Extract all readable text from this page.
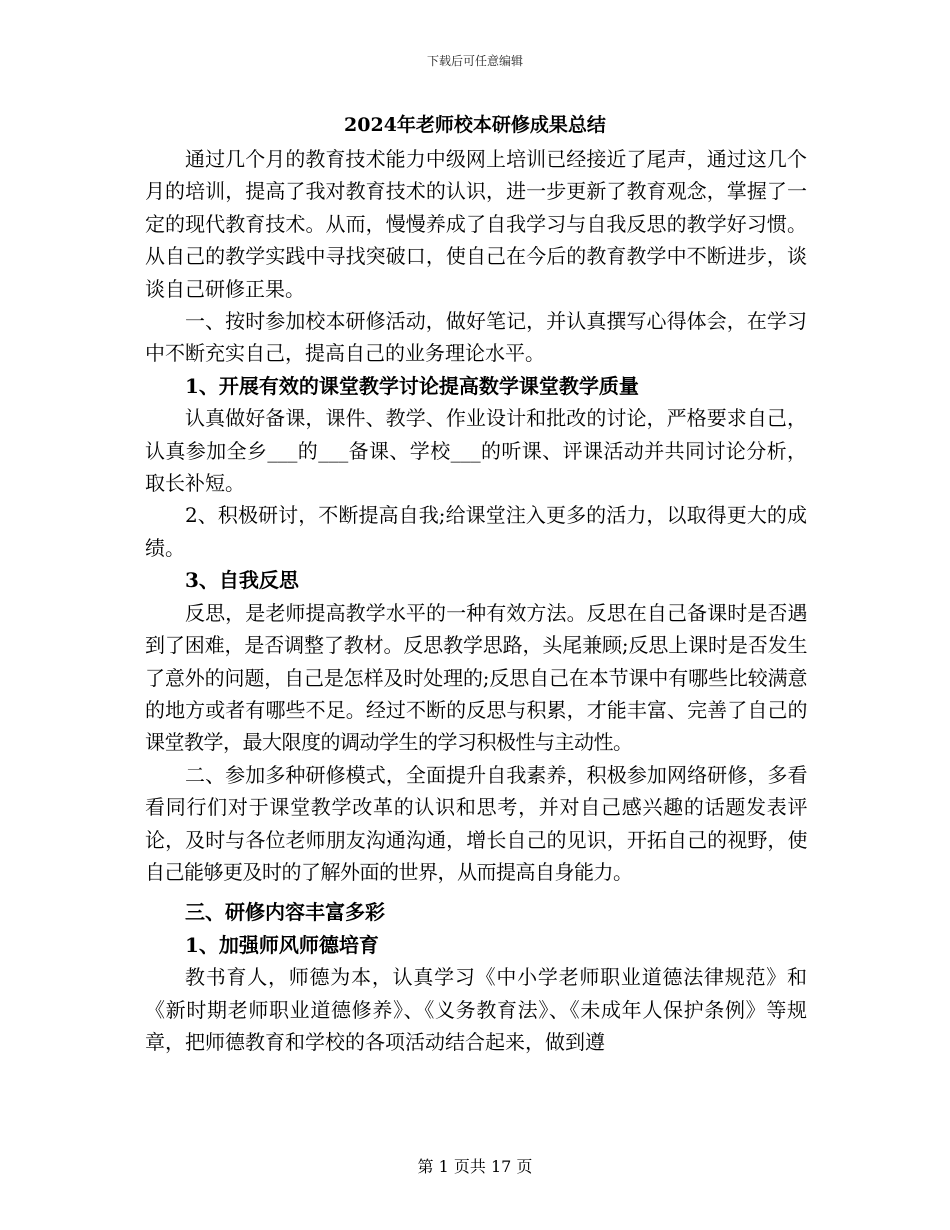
下载后可任意编辑
2024年老师校本研修成果总结

通过几个月的教育技术能力中级网上培训已经接近了尾声，通过这几个月的培训，提高了我对教育技术的认识，进一步更新了教育观念，掌握了一定的现代教育技术。从而，慢慢养成了自我学习与自我反思的教学好习惯。从自己的教学实践中寻找突破口，使自己在今后的教育教学中不断进步，谈谈自己研修正果。

一、按时参加校本研修活动，做好笔记，并认真撰写心得体会，在学习中不断充实自己，提高自己的业务理论水平。

1、开展有效的课堂教学讨论提高数学课堂教学质量

认真做好备课，课件、教学、作业设计和批改的讨论，严格要求自己，认真参加全乡___的___备课、学校___的听课、评课活动并共同讨论分析，取长补短。

2、积极研讨，不断提高自我;给课堂注入更多的活力，以取得更大的成绩。

3、自我反思

反思，是老师提高教学水平的一种有效方法。反思在自己备课时是否遇到了困难，是否调整了教材。反思教学思路，头尾兼顾;反思上课时是否发生了意外的问题，自己是怎样及时处理的;反思自己在本节课中有哪些比较满意的地方或者有哪些不足。经过不断的反思与积累，才能丰富、完善了自己的课堂教学，最大限度的调动学生的学习积极性与主动性。

二、参加多种研修模式，全面提升自我素养，积极参加网络研修，多看看同行们对于课堂教学改革的认识和思考，并对自己感兴趣的话题发表评论，及时与各位老师朋友沟通沟通，增长自己的见识，开拓自己的视野，使自己能够更及时的了解外面的世界，从而提高自身能力。

三、研修内容丰富多彩

1、加强师风师德培育

教书育人，师德为本，认真学习《中小学老师职业道德法律规范》和《新时期老师职业道德修养》、《义务教育法》、《未成年人保护条例》等规章，把师德教育和学校的各项活动结合起来，做到遵

第 1 页共 17 页
